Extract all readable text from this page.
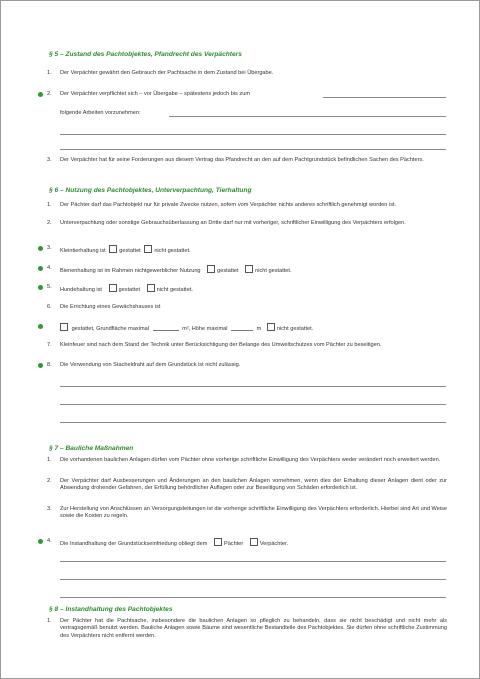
§ 5 – Zustand des Pachtobjektes, Pfandrecht des Verpächters
1. Der Verpächter gewährt den Gebrauch der Pachtsache in dem Zustand bei Übergabe.
2. Der Verpächter verpflichtet sich – vor Übergabe – spätestens jedoch bis zum
folgende Arbeiten vorzunehmen:
3. Der Verpächter hat für seine Forderungen aus diesem Vertrag das Pfandrecht an den auf dem Pachtgrundstück befindlichen Sachen des Pächters.
§ 6 – Nutzung des Pachtobjektes, Unterverpachtung, Tierhaltung
1. Der Pächter darf das Pachtobjekt nur für private Zwecke nutzen, sofern vom Verpächter nichts anderes schriftlich genehmigt worden ist.
2. Unterverpachtung oder sonstige Gebrauchsüberlassung an Dritte darf nur mit vorheriger, schriftlicher Einwilligung des Verpächters erfolgen.
3. Kleintierhaltung ist gestattet nicht gestattet.
4. Bienenhaltung ist im Rahmen nichtgewerblicher Nutzung	gestattet	nicht gestattet.
5. Hundehaltung ist	gestattet	nicht gestattet.
6. Die Errichtung eines Gewächshauses ist
gestattet, Grundfläche maximal	m², Höhe maximal	m	nicht gestattet.
7. Kleinfeuer sind nach dem Stand der Technik unter Berücksichtigung der Belange des Umweltschutzes vom Pächter zu beseitigen.
8. Die Verwendung von Stacheldraht auf dem Grundstück ist nicht zulässig.
§ 7 – Bauliche Maßnahmen
1. Die vorhandenen baulichen Anlagen dürfen vom Pächter ohne vorherige schriftliche Einwilligung des Verpächters weder verändert noch erweitert werden.
2. Der Verpächter darf Ausbesserungen und Änderungen an den baulichen Anlagen vornehmen, wenn dies der Erhaltung dieser Anlagen dient oder zur Abwendung drohender Gefahren, der Erfüllung behördlicher Auflagen oder zur Beseitigung von Schäden erforderlich ist.
3. Zur Herstellung von Anschlüssen an Versorgungsleitungen ist die vorherige schriftliche Einwilligung des Verpächters erforderlich. Hierbei sind Art und Weise sowie die Kosten zu regeln.
4. Die Instandhaltung der Grundstückseinfriedung obliegt dem	Pächter	Verpächter.
§ 8 – Instandhaltung des Pachtobjektes
1. Der Pächter hat die Pachtsache, insbesondere die baulichen Anlagen so pfleglich zu behandeln, dass sie nicht beschädigt und nicht mehr als vertragsgemäß benutzt werden. Bauliche Anlagen sowie Bäume sind wesentliche Bestandteile des Pachtobjektes. Sie dürfen ohne schriftliche Zustimmung des Verpächters nicht entfernt werden.
